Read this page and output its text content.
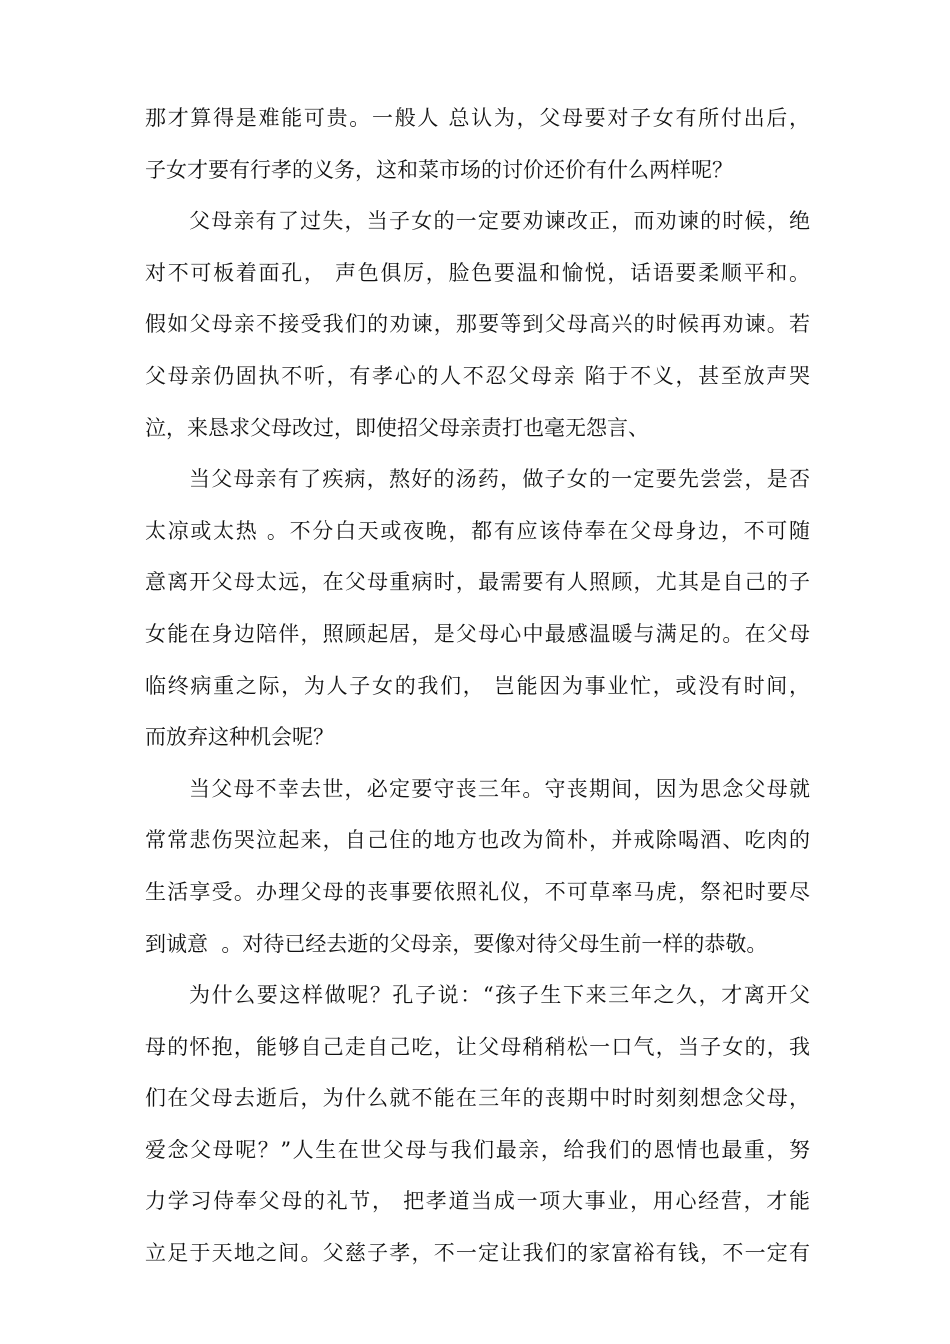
那才算得是难能可贵。一般人 总认为，父母要对子女有所付出后，
子女才要有行孝的义务，这和菜市场的讨价还价有什么两样呢？
父母亲有了过失，当子女的一定要劝谏改正，而劝谏的时候，绝
对不可板着面孔， 声色俱厉，脸色要温和愉悦，话语要柔顺平和。
假如父母亲不接受我们的劝谏，那要等到父母高兴的时候再劝谏。若
父母亲仍固执不听，有孝心的人不忍父母亲 陷于不义，甚至放声哭
泣，来恳求父母改过，即使招父母亲责打也毫无怨言、
当父母亲有了疾病，熬好的汤药，做子女的一定要先尝尝，是否
太凉或太热 。不分白天或夜晚，都有应该侍奉在父母身边，不可随
意离开父母太远，在父母重病时，最需要有人照顾，尤其是自己的子
女能在身边陪伴，照顾起居，是父母心中最感温暖与满足的。在父母
临终病重之际，为人子女的我们， 岂能因为事业忙，或没有时间，
而放弃这种机会呢？
当父母不幸去世，必定要守丧三年。守丧期间，因为思念父母就
常常悲伤哭泣起来，自己住的地方也改为简朴，并戒除喝酒、吃肉的
生活享受。办理父母的丧事要依照礼仪，不可草率马虎，祭祀时要尽
到诚意  。对待已经去逝的父母亲，要像对待父母生前一样的恭敬。
为什么要这样做呢？孔子说：“孩子生下来三年之久，才离开父
母的怀抱，能够自己走自己吃，让父母稍稍松一口气，当子女的，我
们在父母去逝后，为什么就不能在三年的丧期中时时刻刻想念父母，
爱念父母呢？”人生在世父母与我们最亲，给我们的恩情也最重，努
力学习侍奉父母的礼节， 把孝道当成一项大事业，用心经营，才能
立足于天地之间。父慈子孝，不一定让我们的家富裕有钱，不一定有
